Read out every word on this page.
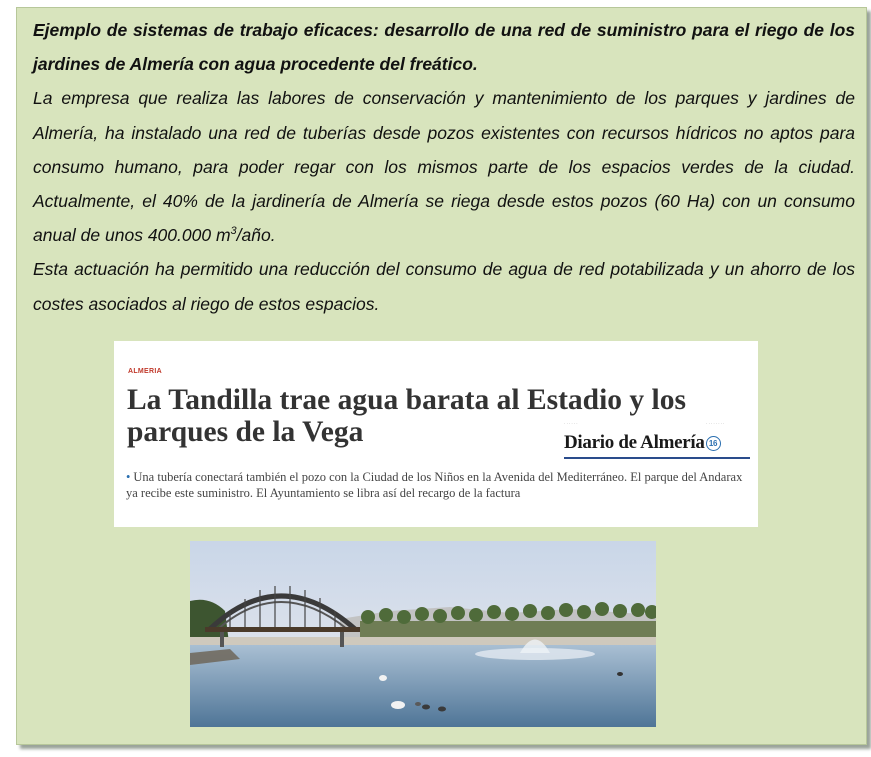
Ejemplo de sistemas de trabajo eficaces: desarrollo de una red de suministro para el riego de los jardines de Almería con agua procedente del freático.

La empresa que realiza las labores de conservación y mantenimiento de los parques y jardines de Almería, ha instalado una red de tuberías desde pozos existentes con recursos hídricos no aptos para consumo humano, para poder regar con los mismos parte de los espacios verdes de la ciudad. Actualmente, el 40% de la jardinería de Almería se riega desde estos pozos (60 Ha) con un consumo anual de unos 400.000 $m^3$/año.

Esta actuación ha permitido una reducción del consumo de agua de red potabilizada y un ahorro de los costes asociados al riego de estos espacios.

ALMERIA
La Tandilla trae agua barata al Estadio y los parques de la Vega	· · · · · ·	· · · · · · · ·
Diario de Almería 16
• Una tubería conectará también el pozo con la Ciudad de los Niños en la Avenida del Mediterráneo. El parque del Andarax ya recibe este suministro. El Ayuntamiento se libra así del recargo de la factura
